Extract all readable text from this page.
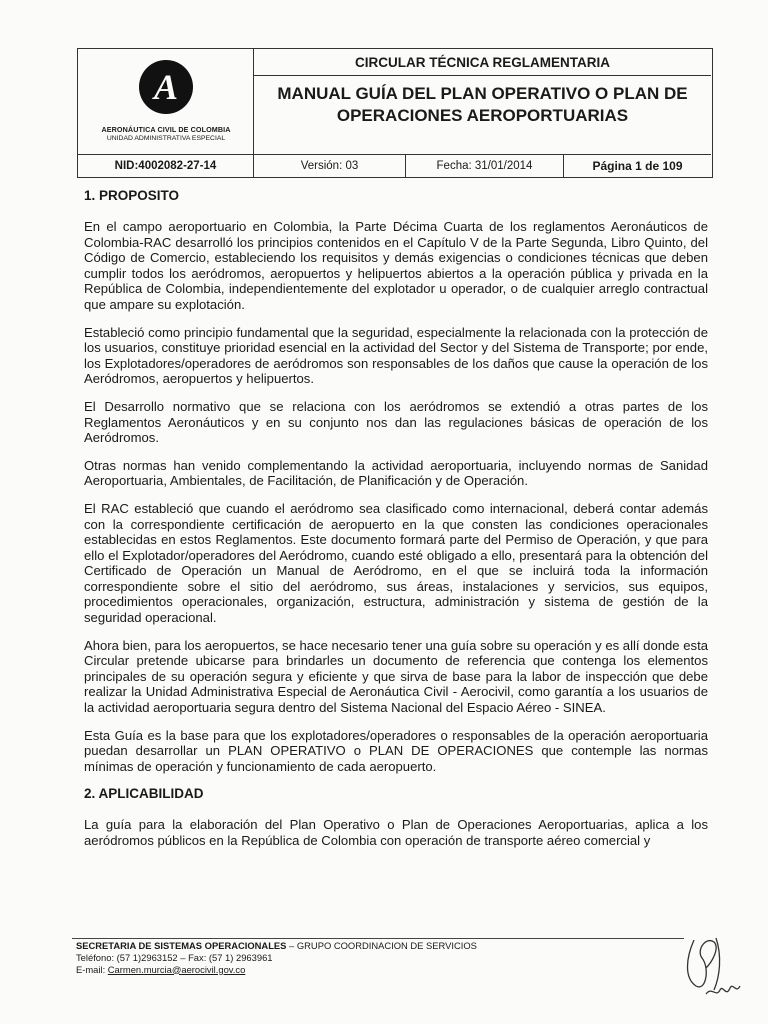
A
AERONÁUTICA CIVIL DE COLOMBIA
UNIDAD ADMINISTRATIVA ESPECIAL
CIRCULAR TÉCNICA REGLAMENTARIA
MANUAL GUÍA DEL PLAN OPERATIVO O PLAN DE
OPERACIONES AEROPORTUARIAS
NID:4002082-27-14	Versión: 03	Fecha: 31/01/2014	Página 1 de 109
1. PROPOSITO

En el campo aeroportuario en Colombia, la Parte Décima Cuarta de los reglamentos Aeronáuticos de Colombia-RAC desarrolló los principios contenidos en el Capítulo V de la Parte Segunda, Libro Quinto, del Código de Comercio, estableciendo los requisitos y demás exigencias o condiciones técnicas que deben cumplir todos los aeródromos, aeropuertos y helipuertos abiertos a la operación pública y privada en la República de Colombia, independientemente del explotador u operador, o de cualquier arreglo contractual que ampare su explotación.

Estableció como principio fundamental que la seguridad, especialmente la relacionada con la protección de los usuarios, constituye prioridad esencial en la actividad del Sector y del Sistema de Transporte; por ende, los Explotadores/operadores de aeródromos son responsables de los daños que cause la operación de los Aeródromos, aeropuertos y helipuertos.

El Desarrollo normativo que se relaciona con los aeródromos se extendió a otras partes de los Reglamentos Aeronáuticos y en su conjunto nos dan las regulaciones básicas de operación de los Aeródromos.

Otras normas han venido complementando la actividad aeroportuaria, incluyendo normas de Sanidad Aeroportuaria, Ambientales, de Facilitación, de Planificación y de Operación.

El RAC estableció que cuando el aeródromo sea clasificado como internacional, deberá contar además con la correspondiente certificación de aeropuerto en la que consten las condiciones operacionales establecidas en estos Reglamentos. Este documento formará parte del Permiso de Operación, y que para ello el Explotador/operadores del Aeródromo, cuando esté obligado a ello, presentará para la obtención del Certificado de Operación un Manual de Aeródromo, en el que se incluirá toda la información correspondiente sobre el sitio del aeródromo, sus áreas, instalaciones y servicios, sus equipos, procedimientos operacionales, organización, estructura, administración y sistema de gestión de la seguridad operacional.

Ahora bien, para los aeropuertos, se hace necesario tener una guía sobre su operación y es allí donde esta Circular pretende ubicarse para brindarles un documento de referencia que contenga los elementos principales de su operación segura y eficiente y que sirva de base para la labor de inspección que debe realizar la Unidad Administrativa Especial de Aeronáutica Civil - Aerocivil, como garantía a los usuarios de la actividad aeroportuaria segura dentro del Sistema Nacional del Espacio Aéreo - SINEA.

Esta Guía es la base para que los explotadores/operadores o responsables de la operación aeroportuaria puedan desarrollar un PLAN OPERATIVO o PLAN DE OPERACIONES que contemple las normas mínimas de operación y funcionamiento de cada aeropuerto.

2. APLICABILIDAD

La guía para la elaboración del Plan Operativo o Plan de Operaciones Aeroportuarias, aplica a los aeródromos públicos en la República de Colombia con operación de transporte aéreo comercial y

SECRETARIA DE SISTEMAS OPERACIONALES – GRUPO COORDINACION DE SERVICIOS
Teléfono: (57 1)2963152 – Fax: (57 1) 2963961
E-mail: Carmen.murcia@aerocivil.gov.co
